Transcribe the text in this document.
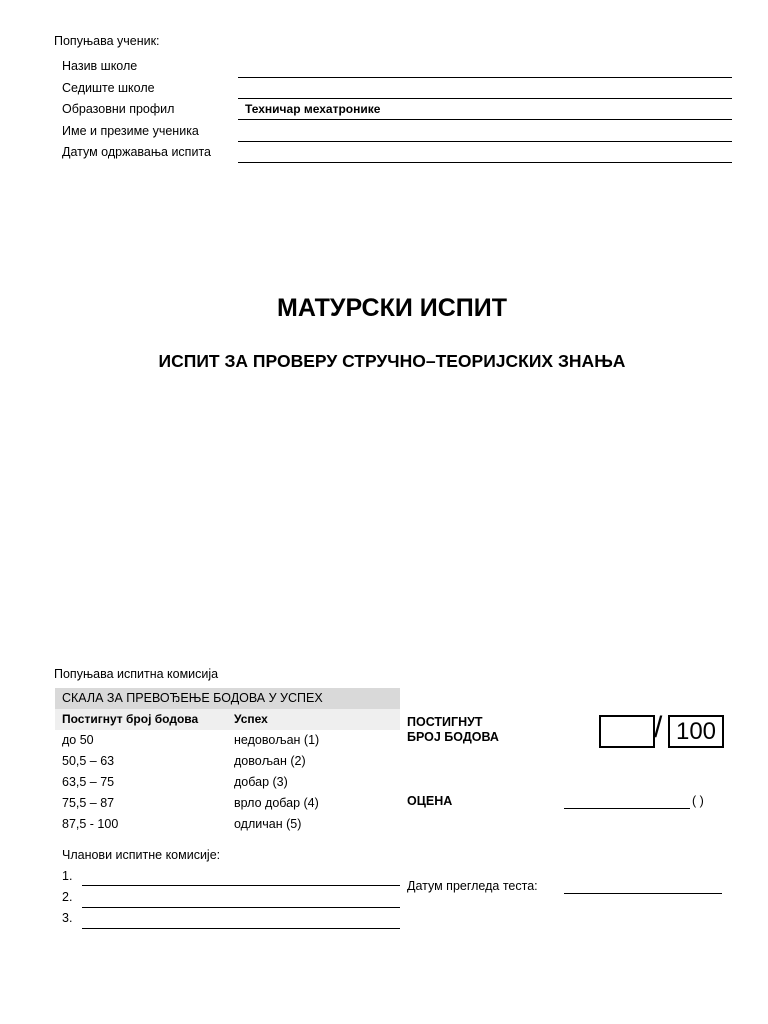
Попуњава ученик:
Назив школе
Седиште школе
Образовни профил	Техничар мехатронике
Име и презиме ученика
Датум одржавања испита
МАТУРСКИ ИСПИТ
ИСПИТ ЗА ПРОВЕРУ СТРУЧНО–ТЕОРИЈСКИХ ЗНАЊА
Попуњава испитна комисија
СКАЛА ЗА ПРЕВОЂЕЊЕ БОДОВА У УСПЕХ
Постигнут број бодова	Успех
до 50	недовољан (1)
50,5 – 63	довољан (2)
63,5 – 75	добар (3)
75,5 – 87	врло добар (4)
87,5 - 100	одличан (5)
Чланови испитне комисије:
1.
2.
3.
ПОСТИГНУТ
БРОЈ БОДОВА	/ 100
ОЦЕНА	( )
Датум прегледа теста:
